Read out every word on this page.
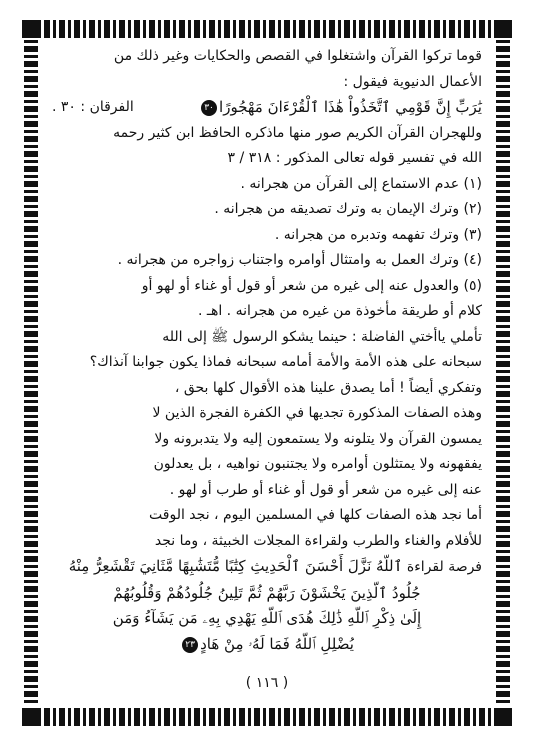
قوما تركوا القرآن واشتغلوا في القصص والحكايات وغير ذلك من
الأعمال الدنيوية فيقول :
يَٰرَبِّ إِنَّ قَوْمِي ٱتَّخَذُواْ هَٰذَا ٱلْقُرْءَانَ مَهْجُورًا٣٠
الفرقان : ٣٠ .
وللهجران القرآن الكريم صور منها ماذكره الحافظ ابن كثير رحمه
الله في تفسير قوله تعالى المذكور : ٣١٨ / ٣
(١) عدم الاستماع إلى القرآن من هجرانه .
(٢) وترك الإيمان به وترك تصديقه من هجرانه .
(٣) وترك تفهمه وتدبره من هجرانه .
(٤) وترك العمل به وامتثال أوامره واجتناب زواجره من هجرانه .
(٥) والعدول عنه إلى غيره من شعر أو قول أو غناء أو لهو أو
كلام أو طريقة مأخوذة من غيره من هجرانه . اهـ .
تأملي ياأختي الفاضلة : حينما يشكو الرسول ﷺ إلى الله
سبحانه على هذه الأمة والأمة أمامه سبحانه فماذا يكون جوابنا آنذاك؟
وتفكري أيضاً ! أما يصدق علينا هذه الأقوال كلها بحق ،
وهذه الصفات المذكورة تجديها في الكفرة الفجرة الذين لا
يمسون القرآن ولا يتلونه ولا يستمعون إليه ولا يتدبرونه ولا
يفقهونه ولا يمتثلون أوامره ولا يجتنبون نواهيه ، بل يعدلون
عنه إلى غيره من شعر أو قول أو غناء أو طرب أو لهو .
أما نجد هذه الصفات كلها في المسلمين اليوم ، نجد الوقت
للأفلام والغناء والطرب ولقراءة المجلات الخبيثة ، وما نجد
فرصة لقراءة ٱللَّهُ نَزَّلَ أَحْسَنَ ٱلْحَدِيثِ كِتَٰبًا مُّتَشَٰبِهًا مَّثَانِيَ تَقْشَعِرُّ مِنْهُ
جُلُودُ ٱلَّذِينَ يَخْشَوْنَ رَبَّهُمْ ثُمَّ تَلِينُ جُلُودُهُمْ وَقُلُوبُهُمْ
إِلَىٰ ذِكْرِ ٱللَّهِ ذَٰلِكَ هُدَى ٱللَّهِ يَهْدِي بِهِۦ مَن يَشَآءُ وَمَن
يُضْلِلِ ٱللَّهُ فَمَا لَهُۥ مِنْ هَادٍ٢٣
( ١١٦ )
